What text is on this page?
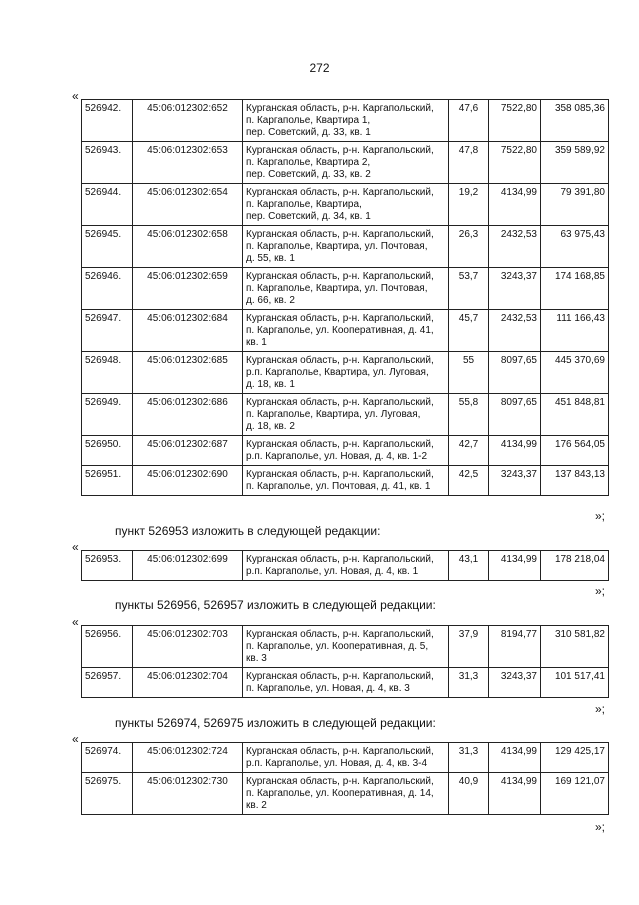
272
«
526942.	45:06:012302:652	Курганская область, р-н. Каргапольский,
п. Каргаполье, Квартира 1,
пер. Советский, д. 33, кв. 1	47,6	7522,80	358 085,36
526943.	45:06:012302:653	Курганская область, р-н. Каргапольский,
п. Каргаполье, Квартира 2,
пер. Советский, д. 33, кв. 2	47,8	7522,80	359 589,92
526944.	45:06:012302:654	Курганская область, р-н. Каргапольский,
п. Каргаполье, Квартира,
пер. Советский, д. 34, кв. 1	19,2	4134,99	79 391,80
526945.	45:06:012302:658	Курганская область, р-н. Каргапольский,
п. Каргаполье, Квартира, ул. Почтовая,
д. 55, кв. 1	26,3	2432,53	63 975,43
526946.	45:06:012302:659	Курганская область, р-н. Каргапольский,
п. Каргаполье, Квартира, ул. Почтовая,
д. 66, кв. 2	53,7	3243,37	174 168,85
526947.	45:06:012302:684	Курганская область, р-н. Каргапольский,
п. Каргаполье, ул. Кооперативная, д. 41,
кв. 1	45,7	2432,53	111 166,43
526948.	45:06:012302:685	Курганская область, р-н. Каргапольский,
р.п. Каргаполье, Квартира, ул. Луговая,
д. 18, кв. 1	55	8097,65	445 370,69
526949.	45:06:012302:686	Курганская область, р-н. Каргапольский,
п. Каргаполье, Квартира, ул. Луговая,
д. 18, кв. 2	55,8	8097,65	451 848,81
526950.	45:06:012302:687	Курганская область, р-н. Каргапольский,
р.п. Каргаполье, ул. Новая, д. 4, кв. 1-2	42,7	4134,99	176 564,05
526951.	45:06:012302:690	Курганская область, р-н. Каргапольский,
п. Каргаполье, ул. Почтовая, д. 41, кв. 1	42,5	3243,37	137 843,13
»;
пункт 526953 изложить в следующей редакции:
«
526953.	45:06:012302:699	Курганская область, р-н. Каргапольский,
р.п. Каргаполье, ул. Новая, д. 4, кв. 1
	43,1	4134,99	178 218,04
»;
пункты 526956, 526957 изложить в следующей редакции:
«
526956.	45:06:012302:703	Курганская область, р-н. Каргапольский,
п. Каргаполье, ул. Кооперативная, д. 5,
кв. 3	37,9	8194,77	310 581,82
526957.	45:06:012302:704	Курганская область, р-н. Каргапольский,
п. Каргаполье, ул. Новая, д. 4, кв. 3	31,3	3243,37	101 517,41
»;
пункты 526974, 526975 изложить в следующей редакции:
«
526974.	45:06:012302:724	Курганская область, р-н. Каргапольский,
р.п. Каргаполье, ул. Новая, д. 4, кв. 3-4	31,3	4134,99	129 425,17
526975.	45:06:012302:730	Курганская область, р-н. Каргапольский,
п. Каргаполье, ул. Кооперативная, д. 14,
кв. 2	40,9	4134,99	169 121,07
»;
